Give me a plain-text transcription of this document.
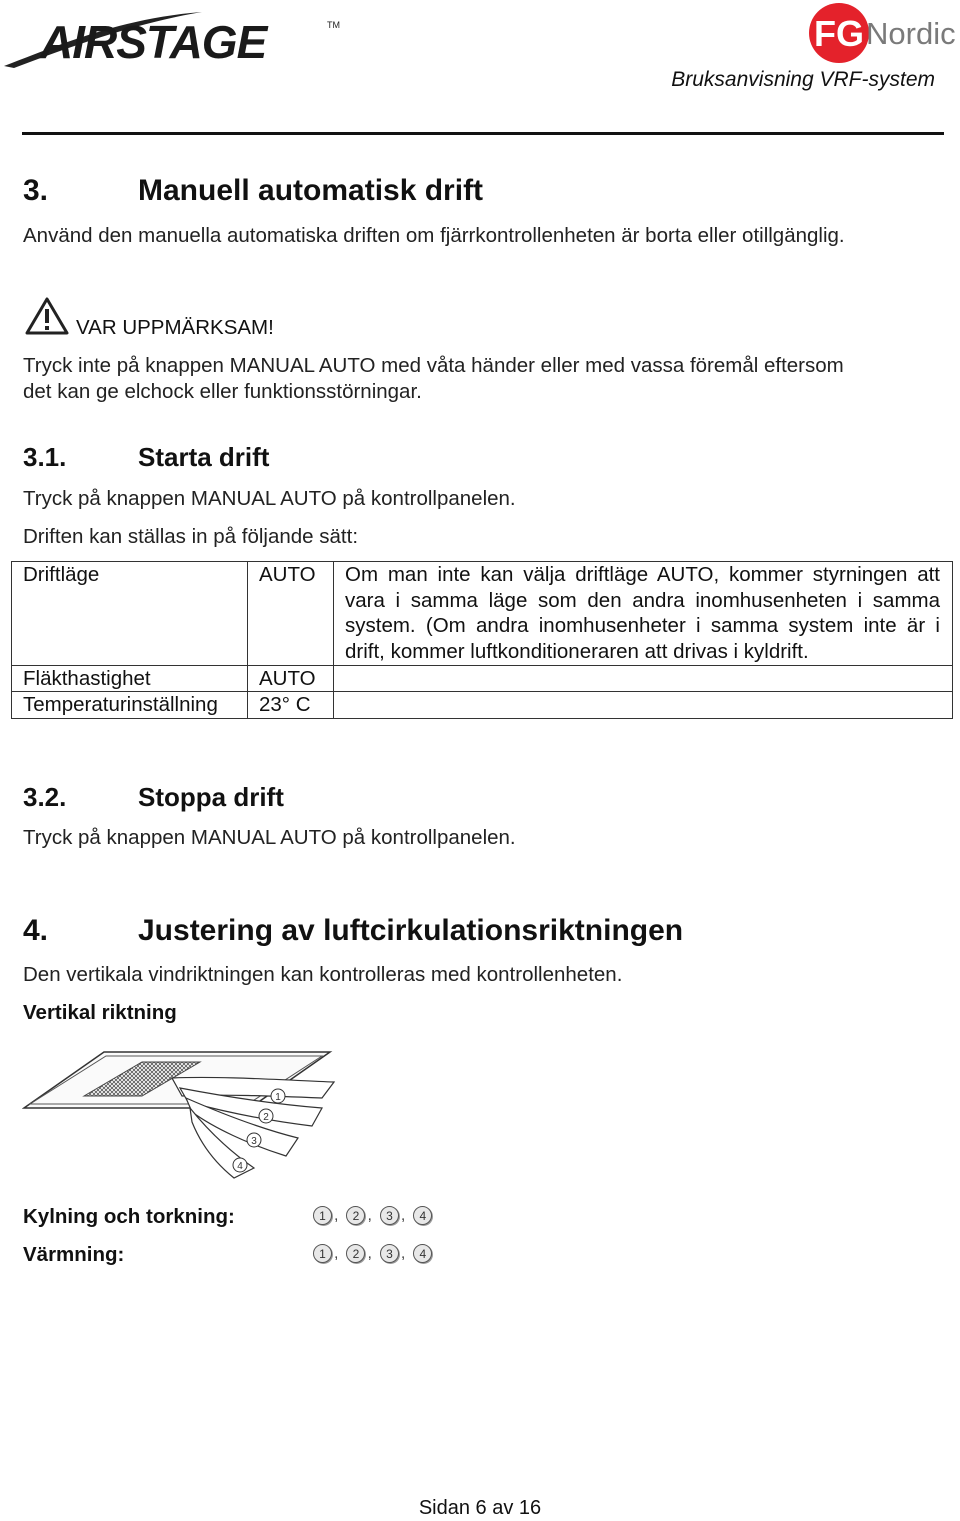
AIRSTAGE	TM	FG Nordic
Bruksanvisning VRF-system
3.	Manuell automatisk drift
Använd den manuella automatiska driften om fjärrkontrollenheten är borta eller otillgänglig.
VAR UPPMÄRKSAM!
Tryck inte på knappen MANUAL AUTO med våta händer eller med vassa föremål eftersom
det kan ge elchock eller funktionsstörningar.
3.1.	Starta drift
Tryck på knappen MANUAL AUTO på kontrollpanelen.
Driften kan ställas in på följande sätt:
Driftläge	AUTO	Om man inte kan välja driftläge AUTO, kommer styrningen att vara i samma läge som den andra inomhusenheten i samma system. (Om andra inomhusenheter i samma system inte är i drift, kommer luftkonditioneraren att drivas i kyldrift.
Fläkthastighet	AUTO	
Temperaturinställning	23° C	
3.2.	Stoppa drift
Tryck på knappen MANUAL AUTO på kontrollpanelen.
4.	Justering av luftcirkulationsriktningen
Den vertikala vindriktningen kan kontrolleras med kontrollenheten.
Vertikal riktning
1
2
3
4
Kylning och torkning:	1 ,	2 ,	3 ,	4
Värmning:	1 ,	2 ,	3 ,	4
Sidan 6 av 16
